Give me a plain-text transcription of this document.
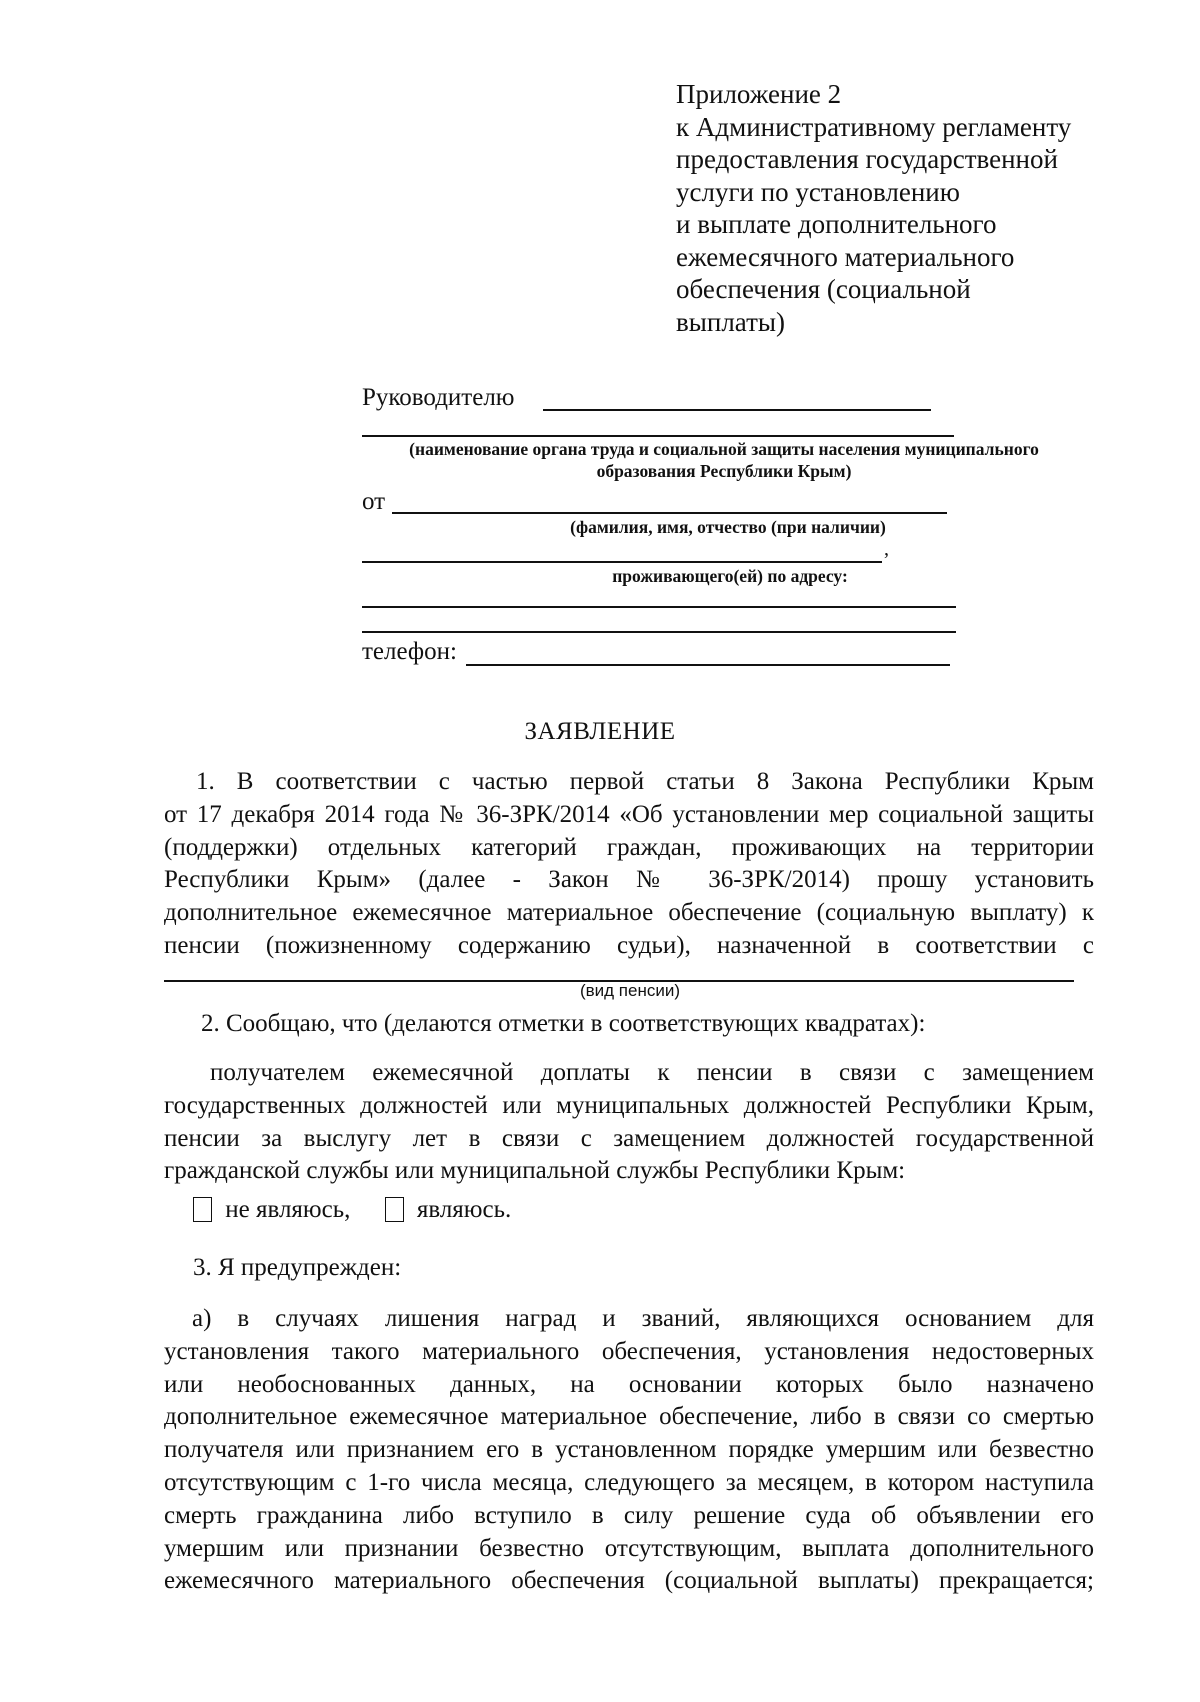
Приложение 2
к Административному регламенту
предоставления государственной
услуги по установлению
и выплате дополнительного
ежемесячного материального
обеспечения (социальной
выплаты)
Руководителю
(наименование органа труда и социальной защиты населения муниципального
образования Республики Крым)
от
(фамилия, имя, отчество (при наличии)
,
проживающего(ей) по адресу:
телефон:
ЗАЯВЛЕНИЕ
1. В соответствии с частью первой статьи 8 Закона Республики Крым
от 17 декабря 2014 года № 36-ЗРК/2014 «Об установлении мер социальной защиты
(поддержки) отдельных категорий граждан, проживающих на территории
Республики Крым» (далее - Закон № 36-ЗРК/2014) прошу установить
дополнительное ежемесячное материальное обеспечение (социальную выплату) к
пенсии (пожизненному содержанию судьи), назначенной в соответствии с
(вид пенсии)
2. Сообщаю, что (делаются отметки в соответствующих квадратах):
получателем ежемесячной доплаты к пенсии в связи с замещением
государственных должностей или муниципальных должностей Республики Крым,
пенсии за выслугу лет в связи с замещением должностей государственной
гражданской службы или муниципальной службы Республики Крым:
не являюсь,	являюсь.
3. Я предупрежден:
а) в случаях лишения наград и званий, являющихся основанием для
установления такого материального обеспечения, установления недостоверных
или необоснованных данных, на основании которых было назначено
дополнительное ежемесячное материальное обеспечение, либо в связи со смертью
получателя или признанием его в установленном порядке умершим или безвестно
отсутствующим с 1-го числа месяца, следующего за месяцем, в котором наступила
смерть гражданина либо вступило в силу решение суда об объявлении его
умершим или признании безвестно отсутствующим, выплата дополнительного
ежемесячного материального обеспечения (социальной выплаты) прекращается;
